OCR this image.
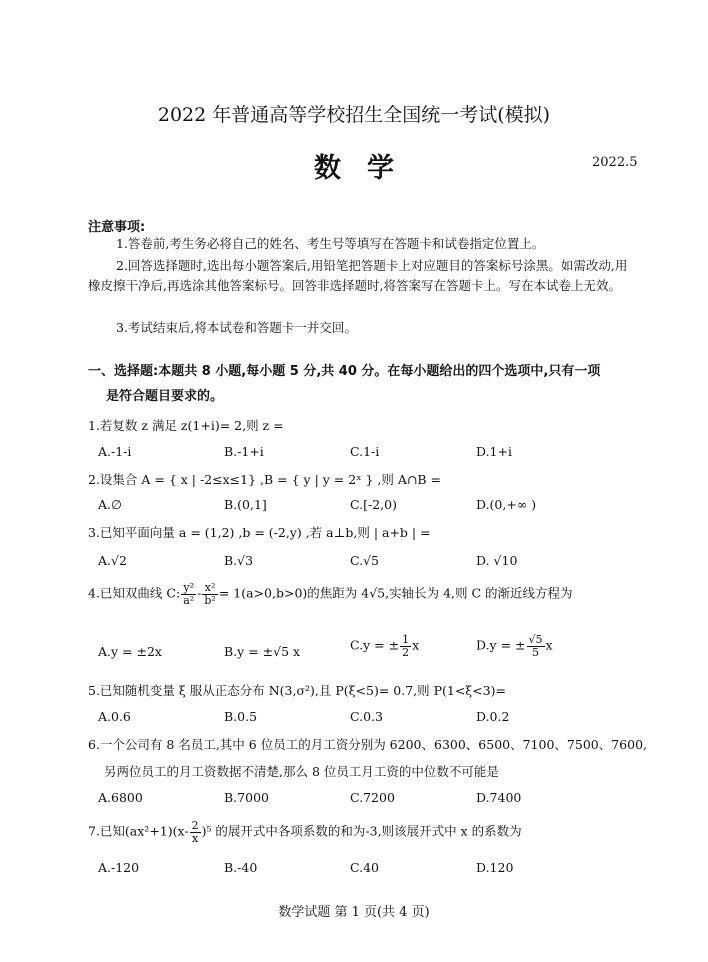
2022 年普通高等学校招生全国统一考试(模拟)
数学	2022.5
注意事项:
1.答卷前,考生务必将自己的姓名、考生号等填写在答题卡和试卷指定位置上。
2.回答选择题时,选出每小题答案后,用铅笔把答题卡上对应题目的答案标号涂黑。如需改动,用橡皮擦干净后,再选涂其他答案标号。回答非选择题时,将答案写在答题卡上。写在本试卷上无效。
3.考试结束后,将本试卷和答题卡一并交回。
一、选择题:本题共 8 小题,每小题 5 分,共 40 分。在每小题给出的四个选项中,只有一项
是符合题目要求的。
1.若复数 z 满足 z(1+i)= 2,则 z =
A.-1-i	B.-1+i	C.1-i	D.1+i
2.设集合 A = { x | -2≤x≤1} ,B = { y | y = 2ˣ } ,则 A∩B =
A.∅	B.(0,1]	C.[-2,0)	D.(0,+∞ )
3.已知平面向量 a = (1,2) ,b = (-2,y) ,若 a⊥b,则 | a+b | =
A.√2	B.√3	C.√5	D. √10
4.已知双曲线 C: $\frac{\text{y²}}{\text{a²}} - \frac{\text{x²}}{\text{b²}} = 1(a>0,b>0)$的焦距为 4√5,实轴长为 4,则 C 的渐近线方程为
A.y = ±2x	B.y = ±√5 x	C.y = ± $\frac{1}{2}$ x	D.y = ± $\frac{√5}{5}$ x
5.已知随机变量 ξ 服从正态分布 N(3,σ²),且 P(ξ<5)= 0.7,则 P(1<ξ<3)=
A.0.6	B.0.5	C.0.3	D.0.2
6.一个公司有 8 名员工,其中 6 位员工的月工资分别为 6200、6300、6500、7100、7500、7600,
另两位员工的月工资数据不清楚,那么 8 位员工月工资的中位数不可能是
A.6800	B.7000	C.7200	D.7400
7.已知$(ax^2+1)(x- \frac{2}{x} )^5$ 的展开式中各项系数的和为-3,则该展开式中 x 的系数为
A.-120	B.-40	C.40	D.120
数学试题 第 1 页(共 4 页)
